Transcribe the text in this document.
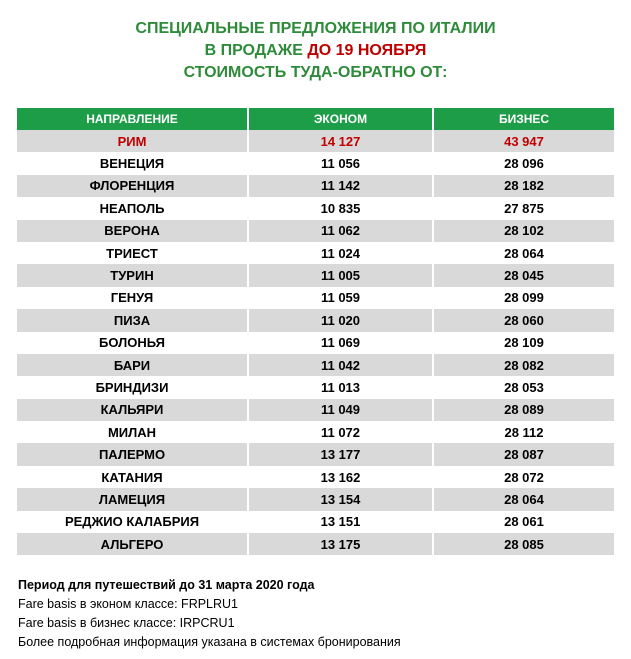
СПЕЦИАЛЬНЫЕ ПРЕДЛОЖЕНИЯ ПО ИТАЛИИ
В ПРОДАЖЕ ДО 19 НОЯБРЯ
СТОИМОСТЬ ТУДА-ОБРАТНО ОТ:
НАПРАВЛЕНИЕ	ЭКОНОМ	БИЗНЕС
РИМ	14 127	43 947
ВЕНЕЦИЯ	11 056	28 096
ФЛОРЕНЦИЯ	11 142	28 182
НЕАПОЛЬ	10 835	27 875
ВЕРОНА	11 062	28 102
ТРИЕСТ	11 024	28 064
ТУРИН	11 005	28 045
ГЕНУЯ	11 059	28 099
ПИЗА	11 020	28 060
БОЛОНЬЯ	11 069	28 109
БАРИ	11 042	28 082
БРИНДИЗИ	11 013	28 053
КАЛЬЯРИ	11 049	28 089
МИЛАН	11 072	28 112
ПАЛЕРМО	13 177	28 087
КАТАНИЯ	13 162	28 072
ЛАМЕЦИЯ	13 154	28 064
РЕДЖИО КАЛАБРИЯ	13 151	28 061
АЛЬГЕРО	13 175	28 085
Период для путешествий до 31 марта 2020 года
Fare basis в эконом классе: FRPLRU1
Fare basis в бизнес классе: IRPCRU1
Более подробная информация указана в системах бронирования
